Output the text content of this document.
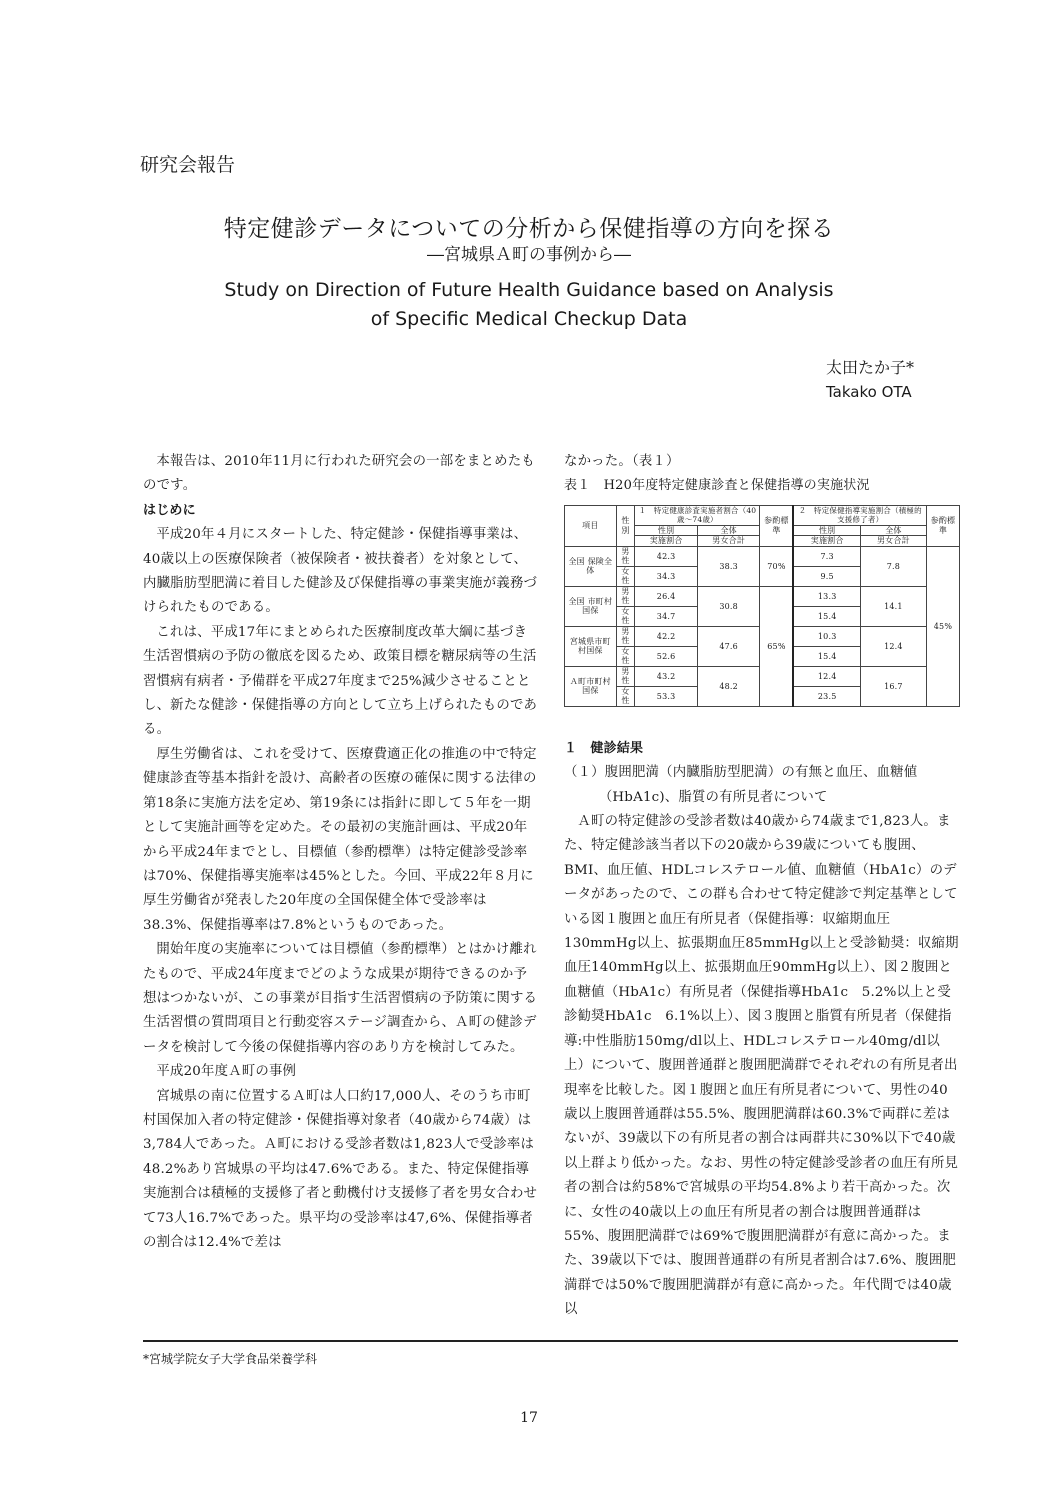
研究会報告
特定健診データについての分析から保健指導の方向を探る
―宮城県Ａ町の事例から―
Study on Direction of Future Health Guidance based on Analysis
of Specific Medical Checkup Data
太田たか子*
Takako OTA

本報告は、2010年11月に行われた研究会の一部をまとめたものです。

はじめに

平成20年４月にスタートした、特定健診・保健指導事業は、40歳以上の医療保険者（被保険者・被扶養者）を対象として、内臓脂肪型肥満に着目した健診及び保健指導の事業実施が義務づけられたものである。

これは、平成17年にまとめられた医療制度改革大綱に基づき生活習慣病の予防の徹底を図るため、政策目標を糖尿病等の生活習慣病有病者・予備群を平成27年度まで25%減少させることとし、新たな健診・保健指導の方向として立ち上げられたものである。

厚生労働省は、これを受けて、医療費適正化の推進の中で特定健康診査等基本指針を設け、高齢者の医療の確保に関する法律の第18条に実施方法を定め、第19条には指針に即して５年を一期として実施計画等を定めた。その最初の実施計画は、平成20年から平成24年までとし、目標値（参酌標準）は特定健診受診率は70%、保健指導実施率は45%とした。今回、平成22年８月に厚生労働省が発表した20年度の全国保健全体で受診率は38.3%、保健指導率は7.8%というものであった。

開始年度の実施率については目標値（参酌標準）とはかけ離れたもので、平成24年度までどのような成果が期待できるのか予想はつかないが、この事業が目指す生活習慣病の予防策に関する生活習慣の質問項目と行動変容ステージ調査から、Ａ町の健診データを検討して今後の保健指導内容のあり方を検討してみた。

平成20年度Ａ町の事例

宮城県の南に位置するＡ町は人口約17,000人、そのうち市町村国保加入者の特定健診・保健指導対象者（40歳から74歳）は3,784人であった。Ａ町における受診者数は1,823人で受診率は48.2%あり宮城県の平均は47.6%である。また、特定保健指導実施割合は積極的支援修了者と動機付け支援修了者を男女合わせて73人16.7%であった。県平均の受診率は47,6%、保健指導者の割合は12.4%で差は

なかった。（表１）

表１　H20年度特定健康診査と保健指導の実施状況

項目	性別	１　特定健康診査実施者割合（40歳～74歳）		参酌標準	２　特定保健指導実施割合（積極的支援修了者）		参酌標準
		性別	全体		性別	全体	
		実施割合	男女合計		実施割合	男女合計	
全国 保険全体	男性	42.3	38.3	70%	7.3	7.8	45%
	女性	34.3			9.5		
全国 市町村国保	男性	26.4	30.8	65%	13.3	14.1	
	女性	34.7			15.4		
宮城県市町村国保	男性	42.2	47.6		10.3	12.4	
	女性	52.6			15.4		
Ａ町市町村国保	男性	43.2	48.2		12.4	16.7	
	女性	53.3			23.5		

１　健診結果

（１）腹囲肥満（内臓脂肪型肥満）の有無と血圧、血糖値（HbA1c)、脂質の有所見者について

Ａ町の特定健診の受診者数は40歳から74歳まで1,823人。また、特定健診該当者以下の20歳から39歳についても腹囲、BMI、血圧値、HDLコレステロール値、血糖値（HbA1c）のデータがあったので、この群も合わせて特定健診で判定基準としている図１腹囲と血圧有所見者（保健指導：収縮期血圧130mmHg以上、拡張期血圧85mmHg以上と受診勧奨：収縮期血圧140mmHg以上、拡張期血圧90mmHg以上）、図２腹囲と血糖値（HbA1c）有所見者（保健指導HbA1c　5.2%以上と受診勧奨HbA1c　6.1%以上）、図３腹囲と脂質有所見者（保健指導:中性脂肪150mg/dl以上、HDLコレステロール40mg/dl以上）について、腹囲普通群と腹囲肥満群でそれぞれの有所見者出現率を比較した。図１腹囲と血圧有所見者について、男性の40歳以上腹囲普通群は55.5%、腹囲肥満群は60.3%で両群に差はないが、39歳以下の有所見者の割合は両群共に30%以下で40歳以上群より低かった。なお、男性の特定健診受診者の血圧有所見者の割合は約58%で宮城県の平均54.8%より若干高かった。次に、女性の40歳以上の血圧有所見者の割合は腹囲普通群は55%、腹囲肥満群では69%で腹囲肥満群が有意に高かった。また、39歳以下では、腹囲普通群の有所見者割合は7.6%、腹囲肥満群では50%で腹囲肥満群が有意に高かった。年代間では40歳以

*宮城学院女子大学食品栄養学科
17
